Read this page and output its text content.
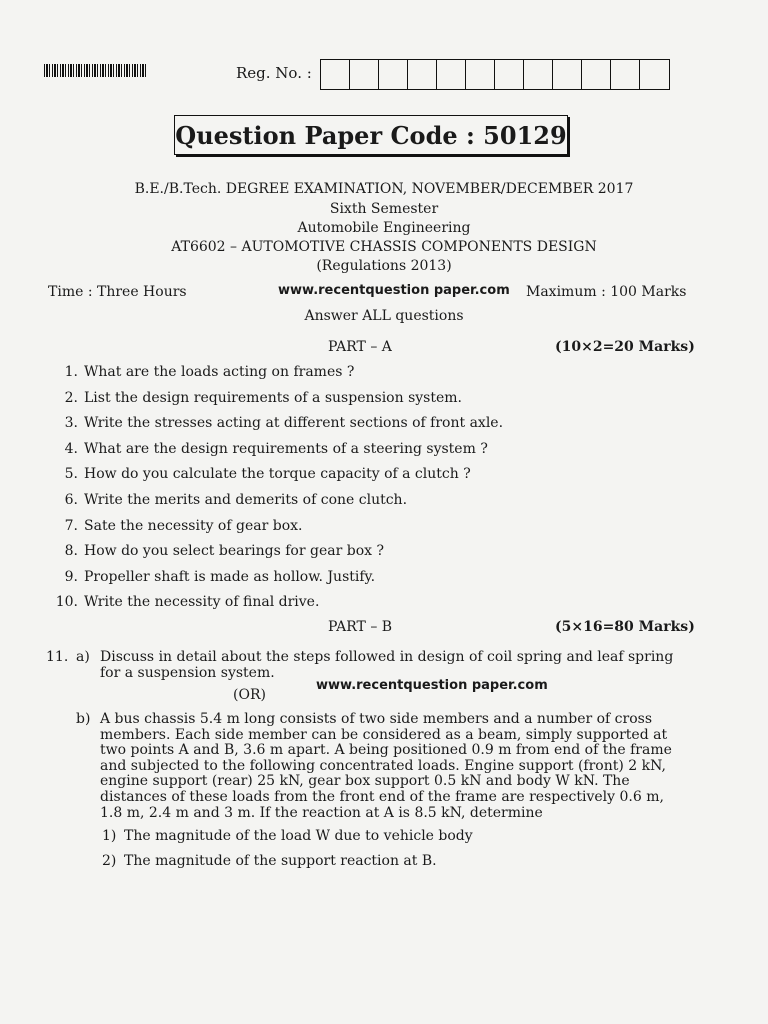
Reg. No. :
Question Paper Code : 50129
B.E./B.Tech. DEGREE EXAMINATION, NOVEMBER/DECEMBER 2017
Sixth Semester
Automobile Engineering
AT6602 – AUTOMOTIVE CHASSIS COMPONENTS DESIGN
(Regulations 2013)
Time : Three Hours	www.recentquestion paper.com Maximum : 100 Marks
Answer ALL questions
PART – A	(10×2=20 Marks)
1. What are the loads acting on frames ?
2. List the design requirements of a suspension system.
3. Write the stresses acting at different sections of front axle.
4. What are the design requirements of a steering system ?
5. How do you calculate the torque capacity of a clutch ?
6. Write the merits and demerits of cone clutch.
7. Sate the necessity of gear box.
8. How do you select bearings for gear box ?
9. Propeller shaft is made as hollow. Justify.
10. Write the necessity of final drive.
PART – B	(5×16=80 Marks)
11. a) Discuss in detail about the steps followed in design of coil spring and leaf spring
for a suspension system.
(OR)
www.recentquestion paper.com
b) A bus chassis 5.4 m long consists of two side members and a number of cross
members. Each side member can be considered as a beam, simply supported at
two points A and B, 3.6 m apart. A being positioned 0.9 m from end of the frame
and subjected to the following concentrated loads. Engine support (front) 2 kN,
engine support (rear) 25 kN, gear box support 0.5 kN and body W kN. The
distances of these loads from the front end of the frame are respectively 0.6 m,
1.8 m, 2.4 m and 3 m. If the reaction at A is 8.5 kN, determine
1) The magnitude of the load W due to vehicle body
2) The magnitude of the support reaction at B.
